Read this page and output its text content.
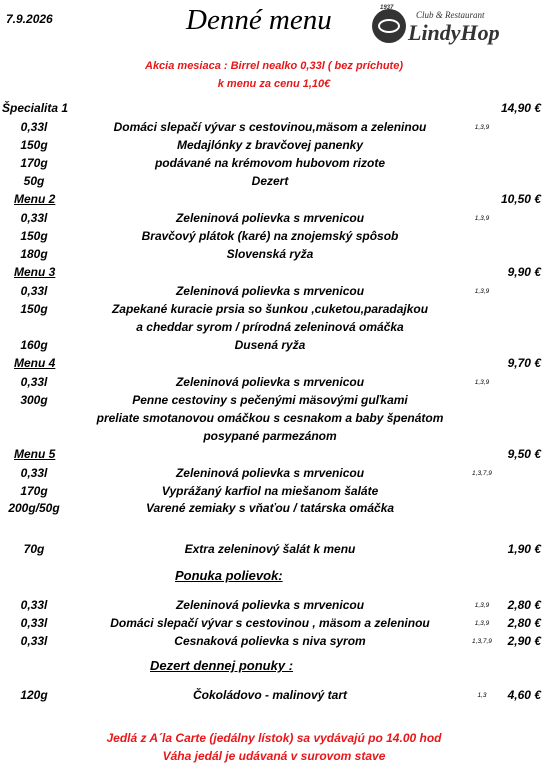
7.9.2026	Denné menu	1937
Club & Restaurant
LindyHop
Akcia mesiaca : Birrel nealko 0,33l ( bez príchute)
k menu za cenu 1,10€
Špecialita 1	14,90 €
0,33l	Domáci slepačí vývar s cestovinou,mäsom a zeleninou	1,3,9
150g	Medajlónky z bravčovej panenky
170g	podávané na krémovom hubovom rizote
50g	Dezert
Menu 2	10,50 €
0,33l	Zeleninová polievka s mrvenicou	1,3,9
150g	Bravčový plátok (karé) na znojemský spôsob
180g	Slovenská ryža
Menu 3	9,90 €
0,33l	Zeleninová polievka s mrvenicou	1,3,9
150g	Zapekané kuracie prsia so šunkou ,cuketou,paradajkou
a cheddar syrom / prírodná zeleninová omáčka
160g	Dusená ryža
Menu 4	9,70 €
0,33l	Zeleninová polievka s mrvenicou	1,3,9
300g	Penne cestoviny s pečenými mäsovými guľkami
preliate smotanovou omáčkou s cesnakom a baby špenátom
posypané parmezánom
Menu 5	9,50 €
0,33l	Zeleninová polievka s mrvenicou	1,3,7,9
170g	Vyprážaný karfiol na miešanom šaláte
200g/50g	Varené zemiaky s vňaťou / tatárska omáčka
70g	Extra zeleninový šalát k menu	1,90 €
Ponuka polievok:
0,33l	Zeleninová polievka s mrvenicou	1,3,9	2,80 €
0,33l	Domáci slepačí vývar s cestovinou , mäsom a zeleninou	1,3,9	2,80 €
0,33l	Cesnaková polievka s niva syrom	1,3,7,9	2,90 €
Dezert dennej ponuky :
120g	Čokoládovo - malinový tart	1,3	4,60 €
Jedlá z A´la Carte (jedálny lístok) sa vydávajú po 14.00 hod
Váha jedál je udávaná v surovom stave
